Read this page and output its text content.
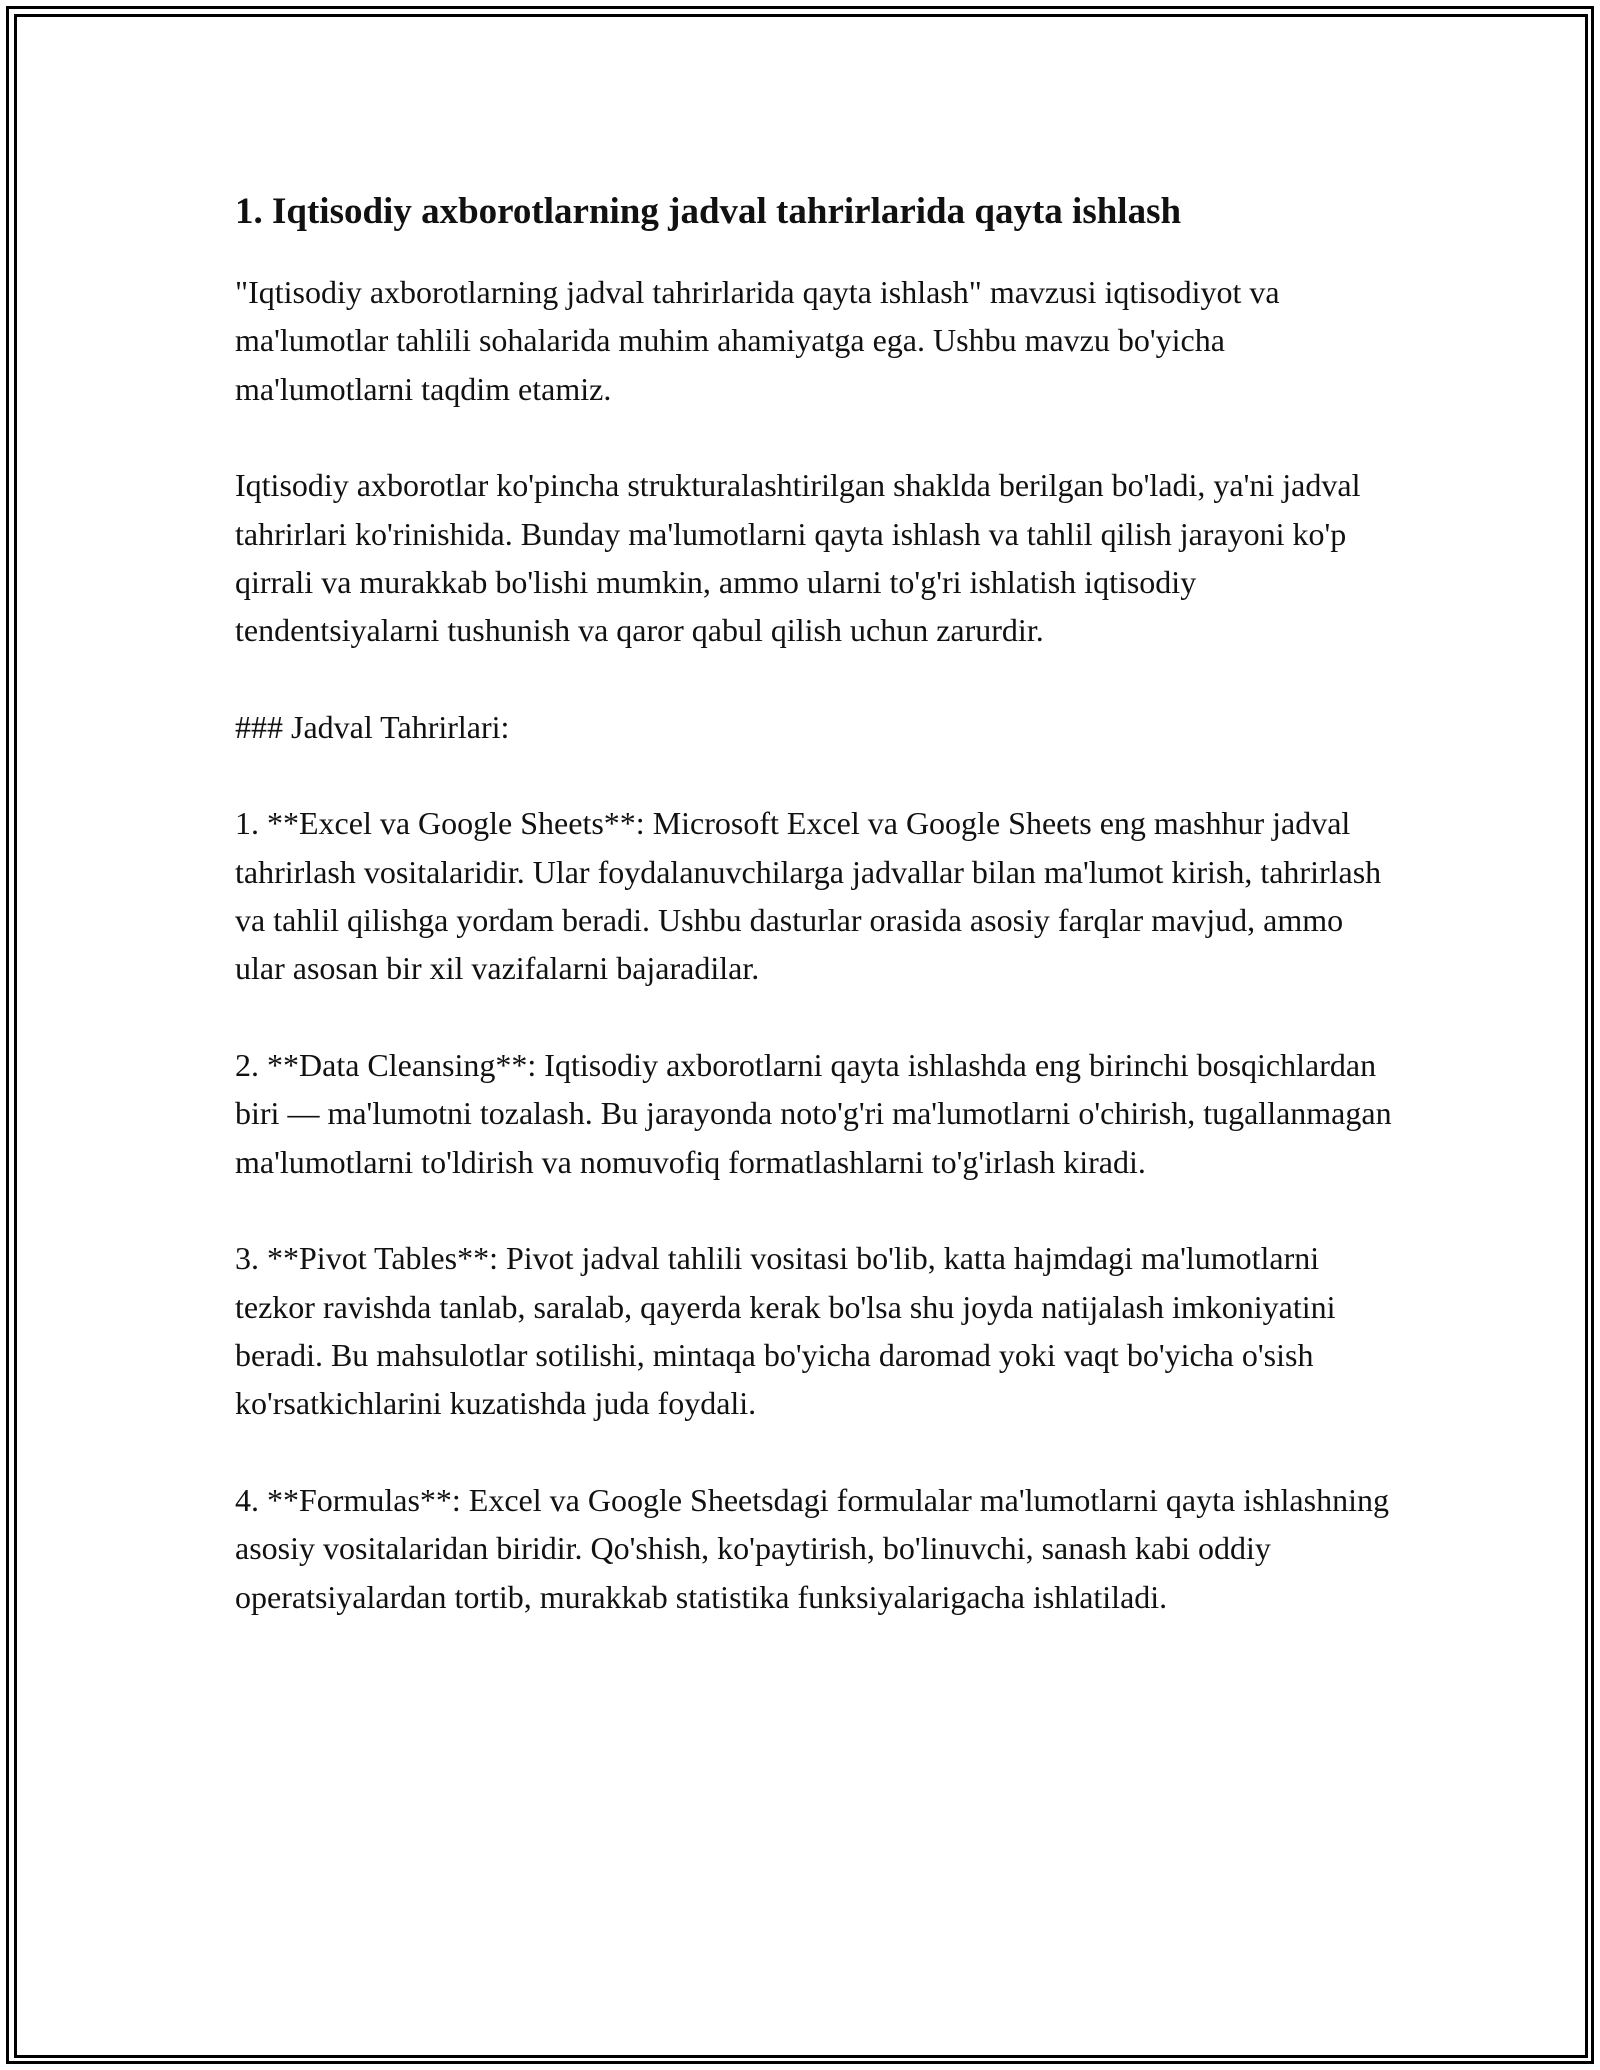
1. Iqtisodiy axborotlarning jadval tahrirlarida qayta ishlash

"Iqtisodiy axborotlarning jadval tahrirlarida qayta ishlash" mavzusi iqtisodiyot va ma'lumotlar tahlili sohalarida muhim ahamiyatga ega. Ushbu mavzu bo'yicha ma'lumotlarni taqdim etamiz.

Iqtisodiy axborotlar ko'pincha strukturalashtirilgan shaklda berilgan bo'ladi, ya'ni jadval tahrirlari ko'rinishida. Bunday ma'lumotlarni qayta ishlash va tahlil qilish jarayoni ko'p qirrali va murakkab bo'lishi mumkin, ammo ularni to'g'ri ishlatish iqtisodiy tendentsiyalarni tushunish va qaror qabul qilish uchun zarurdir.

### Jadval Tahrirlari:

1. **Excel va Google Sheets**: Microsoft Excel va Google Sheets eng mashhur jadval tahrirlash vositalaridir. Ular foydalanuvchilarga jadvallar bilan ma'lumot kirish, tahrirlash va tahlil qilishga yordam beradi. Ushbu dasturlar orasida asosiy farqlar mavjud, ammo ular asosan bir xil vazifalarni bajaradilar.

2. **Data Cleansing**: Iqtisodiy axborotlarni qayta ishlashda eng birinchi bosqichlardan biri — ma'lumotni tozalash. Bu jarayonda noto'g'ri ma'lumotlarni o'chirish, tugallanmagan ma'lumotlarni to'ldirish va nomuvofiq formatlashlarni to'g'irlash kiradi.

3. **Pivot Tables**: Pivot jadval tahlili vositasi bo'lib, katta hajmdagi ma'lumotlarni tezkor ravishda tanlab, saralab, qayerda kerak bo'lsa shu joyda natijalash imkoniyatini beradi. Bu mahsulotlar sotilishi, mintaqa bo'yicha daromad yoki vaqt bo'yicha o'sish ko'rsatkichlarini kuzatishda juda foydali.

4. **Formulas**: Excel va Google Sheetsdagi formulalar ma'lumotlarni qayta ishlashning asosiy vositalaridan biridir. Qo'shish, ko'paytirish, bo'linuvchi, sanash kabi oddiy operatsiyalardan tortib, murakkab statistika funksiyalarigacha ishlatiladi.
